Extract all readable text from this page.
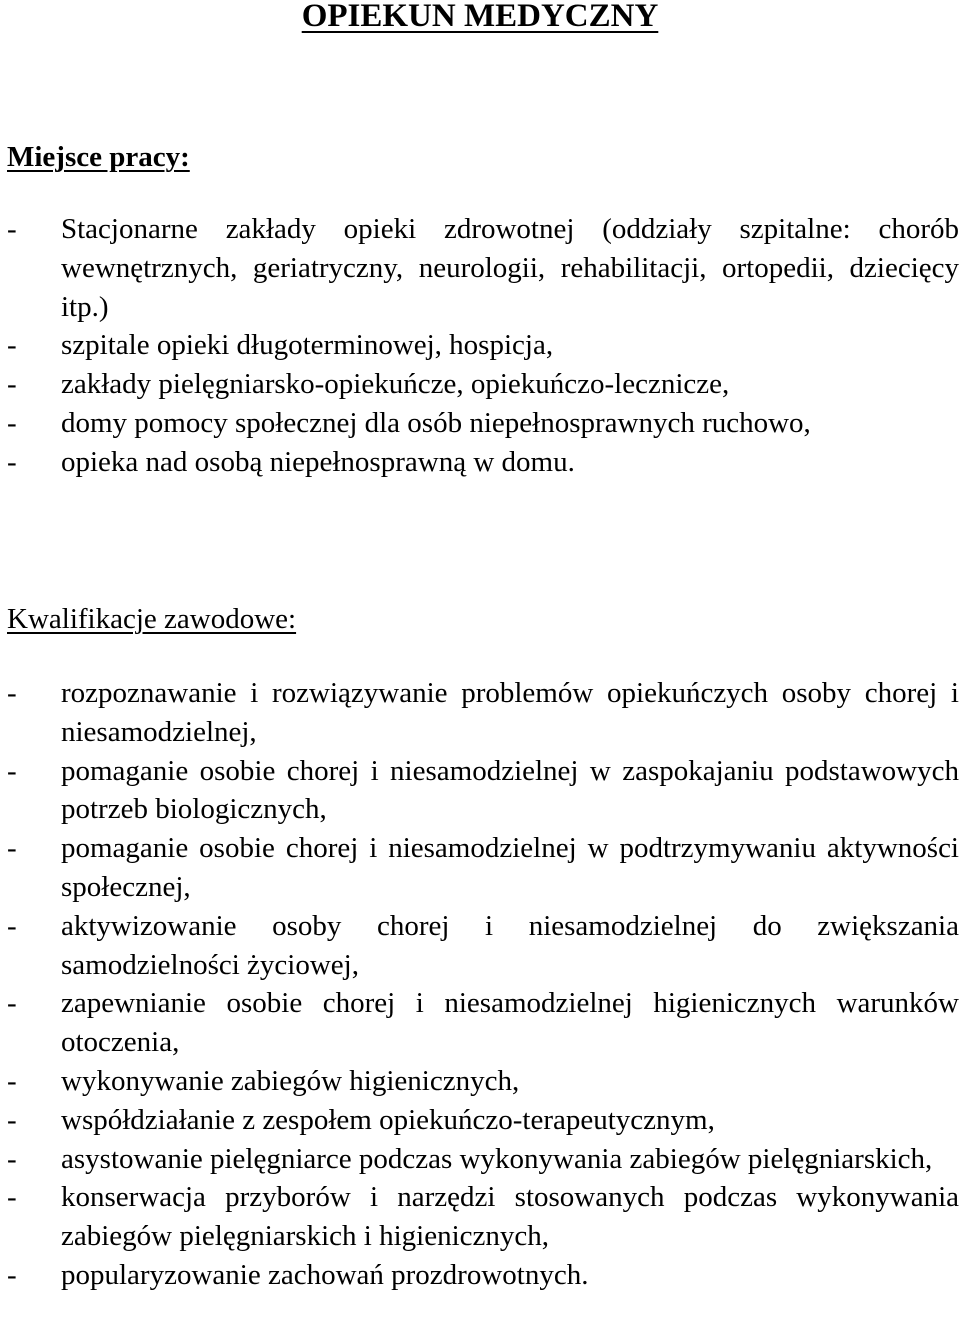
OPIEKUN MEDYCZNY
Miejsce pracy:
-	Stacjonarne zakłady opieki zdrowotnej (oddziały szpitalne: chorób wewnętrznych, geriatryczny, neurologii, rehabilitacji, ortopedii, dziecięcy itp.)
-	szpitale opieki długoterminowej, hospicja,
-	zakłady pielęgniarsko-opiekuńcze, opiekuńczo-lecznicze,
-	domy pomocy społecznej dla osób niepełnosprawnych ruchowo,
-	opieka nad osobą niepełnosprawną w domu.
Kwalifikacje zawodowe:
-	rozpoznawanie i rozwiązywanie problemów opiekuńczych osoby chorej i niesamodzielnej,
-	pomaganie osobie chorej i niesamodzielnej w zaspokajaniu podstawowych potrzeb biologicznych,
-	pomaganie osobie chorej i niesamodzielnej w podtrzymywaniu aktywności społecznej,
-	aktywizowanie osoby chorej i niesamodzielnej do zwiększania samodzielności życiowej,
-	zapewnianie osobie chorej i niesamodzielnej higienicznych warunków otoczenia,
-	wykonywanie zabiegów higienicznych,
-	współdziałanie z zespołem opiekuńczo-terapeutycznym,
-	asystowanie pielęgniarce podczas wykonywania zabiegów pielęgniarskich,
-	konserwacja przyborów i narzędzi stosowanych podczas wykonywania zabiegów pielęgniarskich i higienicznych,
-	popularyzowanie zachowań prozdrowotnych.
